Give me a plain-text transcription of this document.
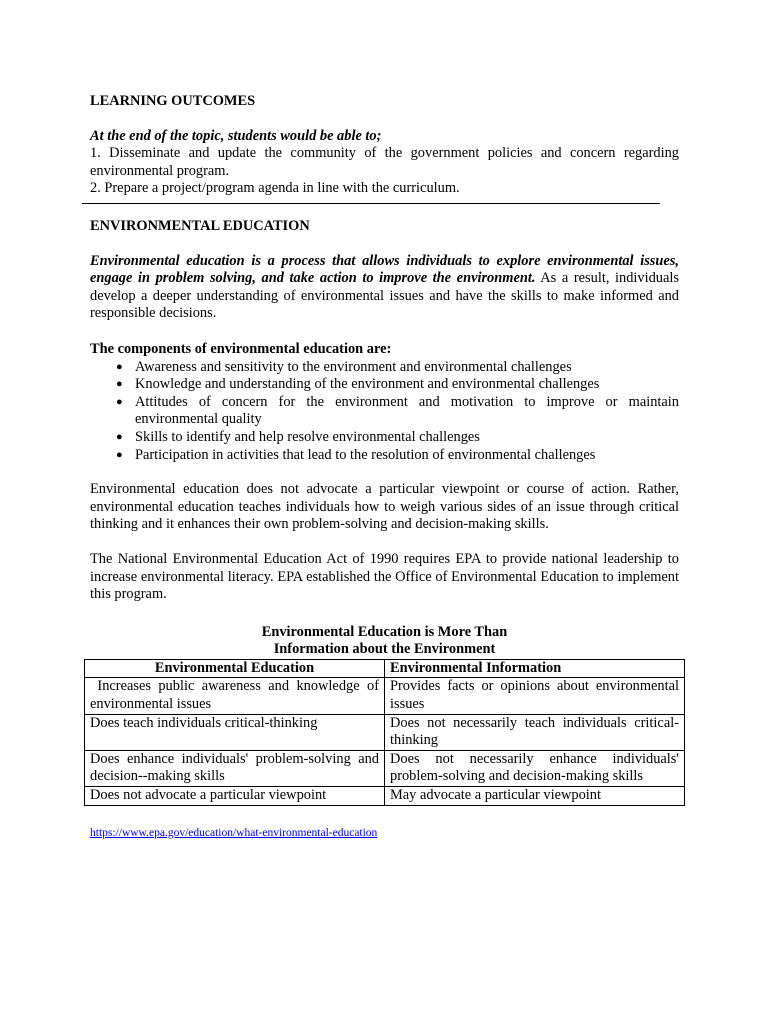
LEARNING OUTCOMES

At the end of the topic, students would be able to;

1. Disseminate and update the community of the government policies and concern regarding environmental program.

2. Prepare a project/program agenda in line with the curriculum.

ENVIRONMENTAL EDUCATION

Environmental education is a process that allows individuals to explore environmental issues, engage in problem solving, and take action to improve the environment. As a result, individuals develop a deeper understanding of environmental issues and have the skills to make informed and responsible decisions.

The components of environmental education are:

● Awareness and sensitivity to the environment and environmental challenges
● Knowledge and understanding of the environment and environmental challenges
● Attitudes of concern for the environment and motivation to improve or maintain environmental quality
● Skills to identify and help resolve environmental challenges
● Participation in activities that lead to the resolution of environmental challenges

Environmental education does not advocate a particular viewpoint or course of action. Rather, environmental education teaches individuals how to weigh various sides of an issue through critical thinking and it enhances their own problem-solving and decision-making skills.

The National Environmental Education Act of 1990 requires EPA to provide national leadership to increase environmental literacy. EPA established the Office of Environmental Education to implement this program.

Environmental Education is More Than

Information about the Environment

Environmental Education	Environmental Information
Increases public awareness and knowledge of environmental issues	Provides facts or opinions about environmental issues
Does teach individuals critical-thinking	Does not necessarily teach individuals critical-thinking
Does enhance individuals' problem-solving and decision--making skills	Does not necessarily enhance individuals' problem-solving and decision-making skills
Does not advocate a particular viewpoint	May advocate a particular viewpoint

https://www.epa.gov/education/what-environmental-education
